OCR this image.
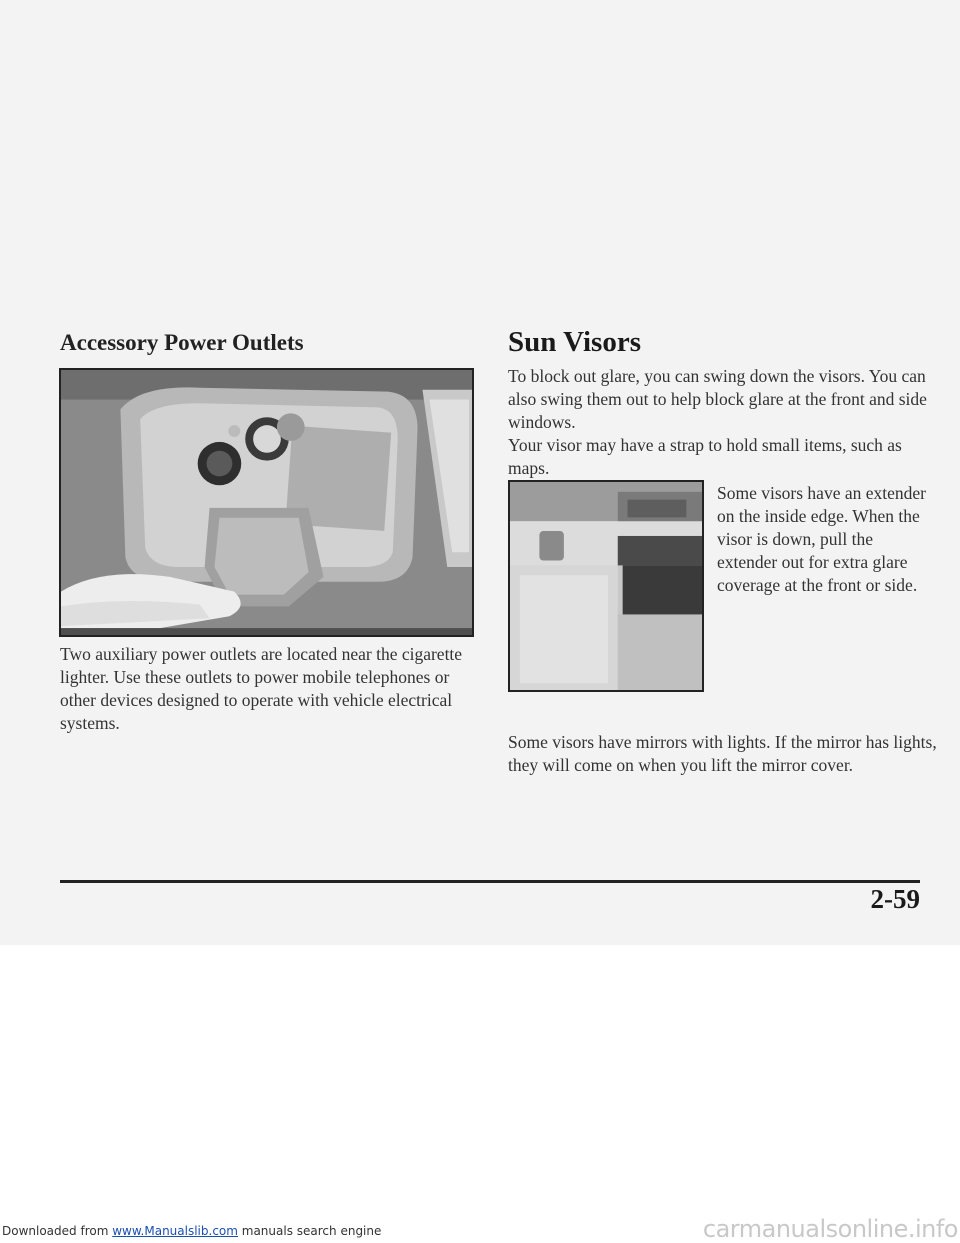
Accessory Power Outlets	Sun Visors

Two auxiliary power outlets are located near the cigarette lighter. Use these outlets to power mobile telephones or other devices designed to operate with vehicle electrical systems.

To block out glare, you can swing down the visors. You can also swing them out to help block glare at the front and side windows.

Your visor may have a strap to hold small items, such as maps.

Some visors have an extender on the inside edge. When the visor is down, pull the extender out for extra glare coverage at the front or side.

Some visors have mirrors with lights. If the mirror has lights, they will come on when you lift the mirror cover.

2-59

Downloaded from www.Manualslib.com manuals search engine	carmanualsonline.info
